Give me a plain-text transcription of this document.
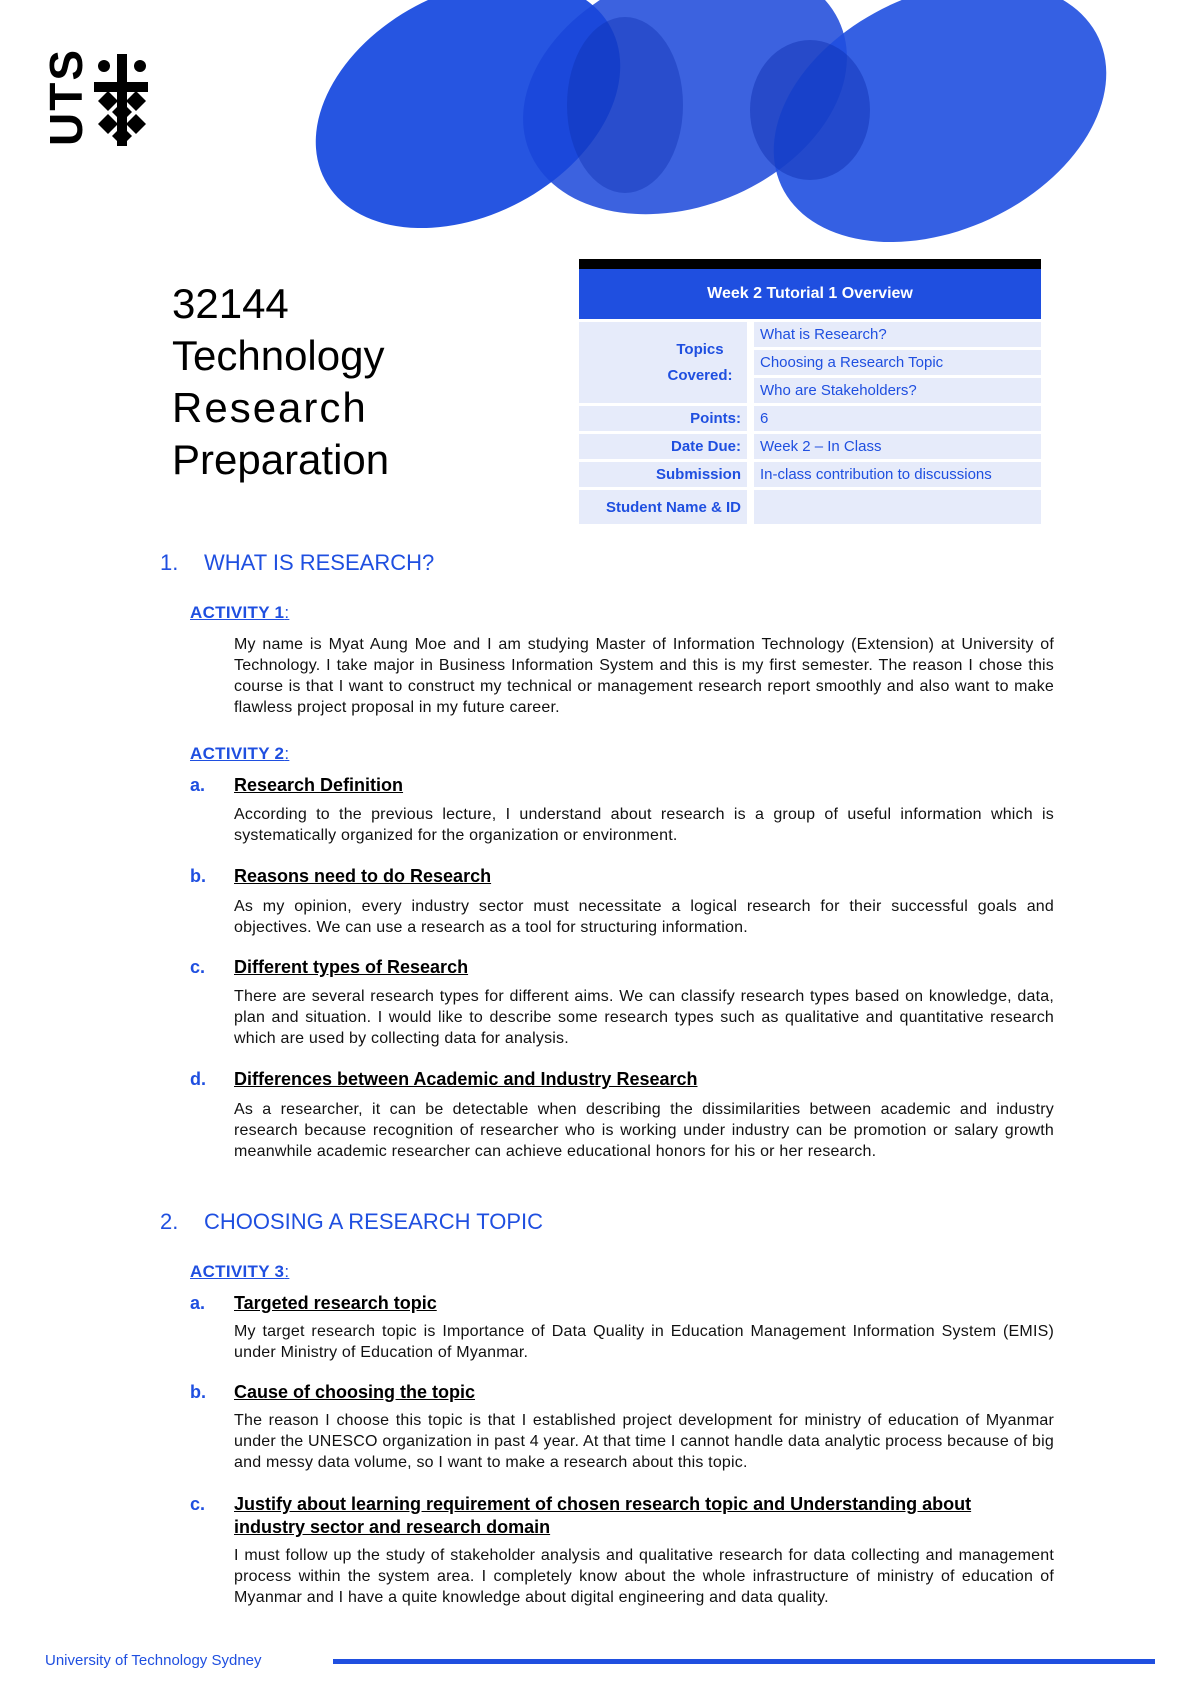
UTS
32144
Technology
Research
Preparation
Week 2 Tutorial 1 Overview
Topics Covered:	What is Research?
	Choosing a Research Topic
	Who are Stakeholders?
Points:	6
Date Due:	Week 2 – In Class
Submission	In-class contribution to discussions
Student Name & ID	
1. WHAT IS RESEARCH?
ACTIVITY 1:
My name is Myat Aung Moe and I am studying Master of Information Technology (Extension) at University of Technology. I take major in Business Information System and this is my first semester. The reason I chose this course is that I want to construct my technical or management research report smoothly and also want to make flawless project proposal in my future career.
ACTIVITY 2:
a. Research Definition
According to the previous lecture, I understand about research is a group of useful information which is systematically organized for the organization or environment.
b. Reasons need to do Research
As my opinion, every industry sector must necessitate a logical research for their successful goals and objectives. We can use a research as a tool for structuring information.
c. Different types of Research
There are several research types for different aims. We can classify research types based on knowledge, data, plan and situation. I would like to describe some research types such as qualitative and quantitative research which are used by collecting data for analysis.
d. Differences between Academic and Industry Research
As a researcher, it can be detectable when describing the dissimilarities between academic and industry research because recognition of researcher who is working under industry can be promotion or salary growth meanwhile academic researcher can achieve educational honors for his or her research.
2. CHOOSING A RESEARCH TOPIC
ACTIVITY 3:
a. Targeted research topic
My target research topic is Importance of Data Quality in Education Management Information System (EMIS) under Ministry of Education of Myanmar.
b. Cause of choosing the topic
The reason I choose this topic is that I established project development for ministry of education of Myanmar under the UNESCO organization in past 4 year. At that time I cannot handle data analytic process because of big and messy data volume, so I want to make a research about this topic.
c. Justify about learning requirement of chosen research topic and Understanding about industry sector and research domain
I must follow up the study of stakeholder analysis and qualitative research for data collecting and management process within the system area. I completely know about the whole infrastructure of ministry of education of Myanmar and I have a quite knowledge about digital engineering and data quality.
University of Technology Sydney
